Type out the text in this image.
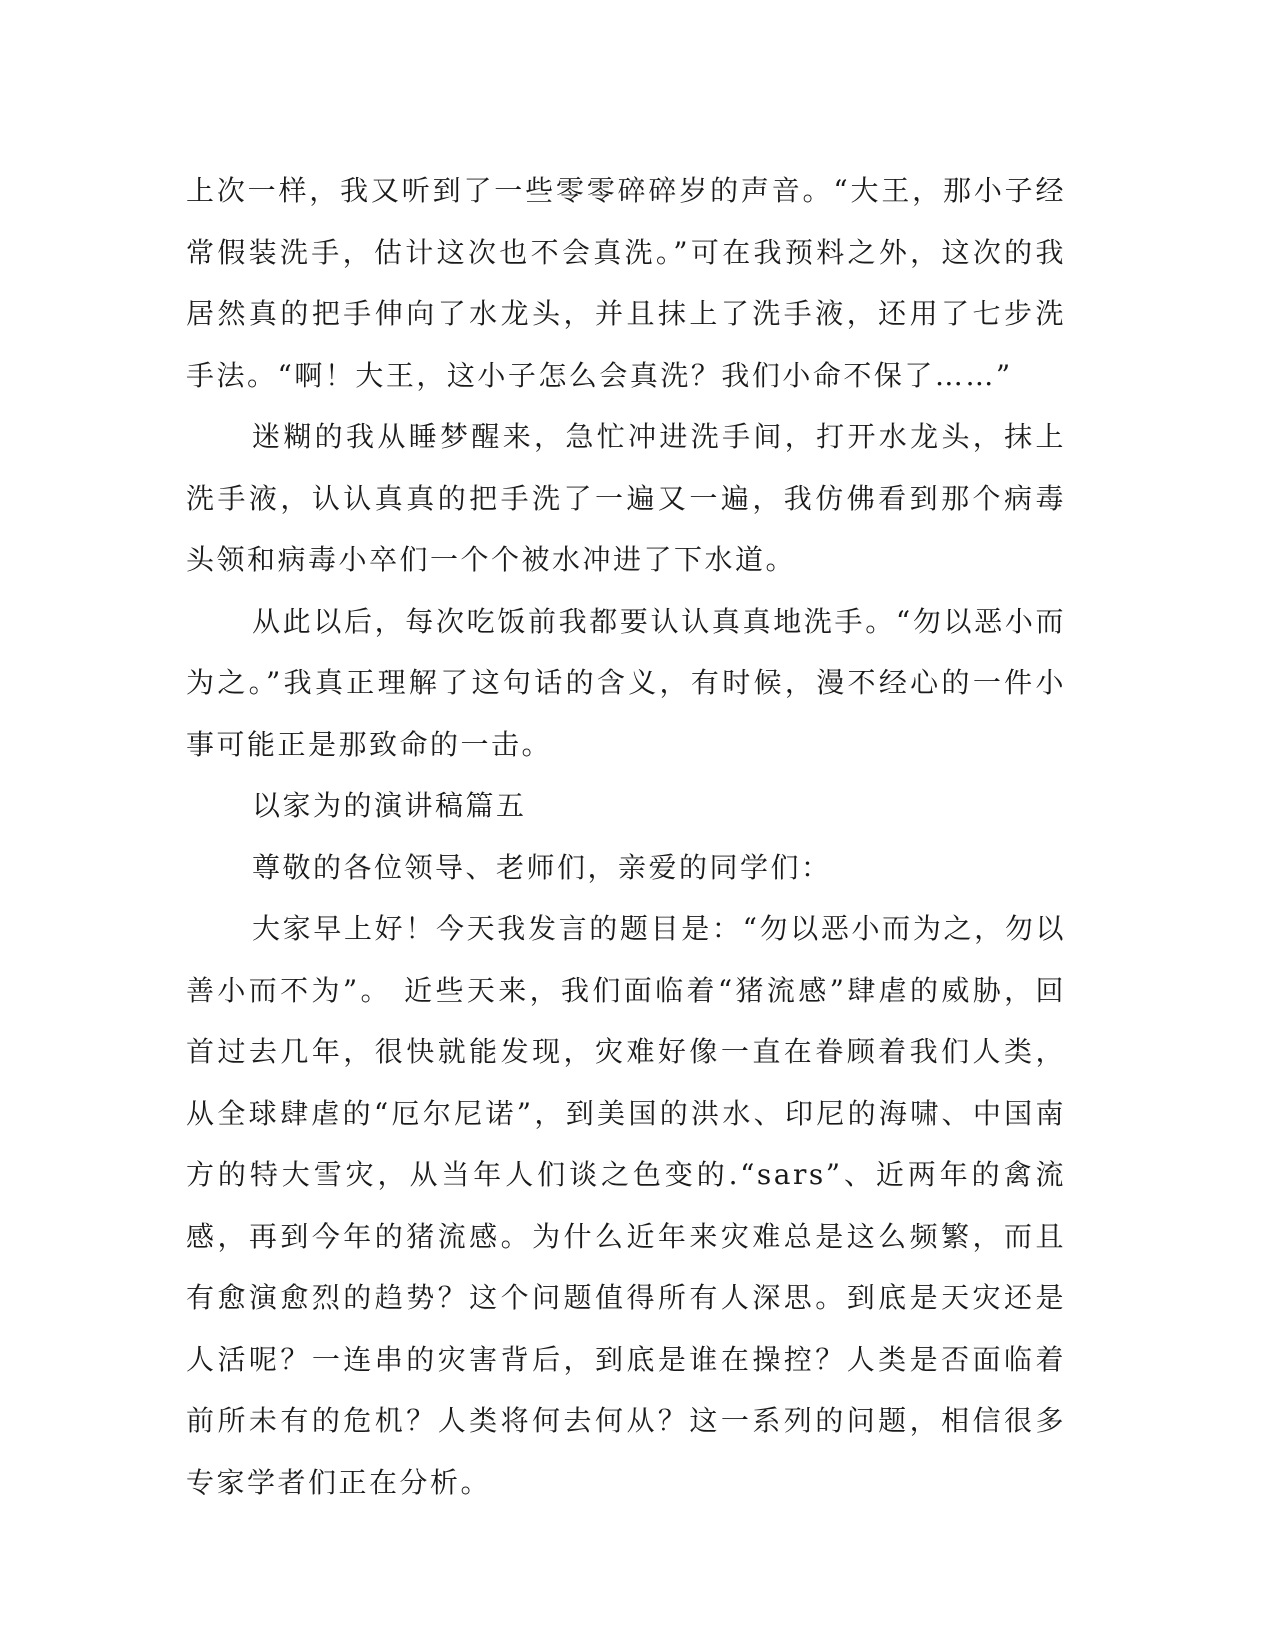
上次一样，我又听到了一些零零碎碎岁的声音。“大王，那小子经常假装洗手，估计这次也不会真洗。”可在我预料之外，这次的我居然真的把手伸向了水龙头，并且抹上了洗手液，还用了七步洗手法。“啊！大王，这小子怎么会真洗？我们小命不保了……”

迷糊的我从睡梦醒来，急忙冲进洗手间，打开水龙头，抹上洗手液，认认真真的把手洗了一遍又一遍，我仿佛看到那个病毒头领和病毒小卒们一个个被水冲进了下水道。

从此以后，每次吃饭前我都要认认真真地洗手。“勿以恶小而为之。”我真正理解了这句话的含义，有时候，漫不经心的一件小事可能正是那致命的一击。

以家为的演讲稿篇五

尊敬的各位领导、老师们，亲爱的同学们：

大家早上好！今天我发言的题目是：“勿以恶小而为之，勿以善小而不为”。 近些天来，我们面临着“猪流感”肆虐的威胁，回首过去几年，很快就能发现，灾难好像一直在眷顾着我们人类，从全球肆虐的“厄尔尼诺”，到美国的洪水、印尼的海啸、中国南方的特大雪灾，从当年人们谈之色变的.“sars”、近两年的禽流感，再到今年的猪流感。为什么近年来灾难总是这么频繁，而且有愈演愈烈的趋势？这个问题值得所有人深思。到底是天灾还是人活呢？一连串的灾害背后，到底是谁在操控？人类是否面临着前所未有的危机？人类将何去何从？这一系列的问题，相信很多专家学者们正在分析。
